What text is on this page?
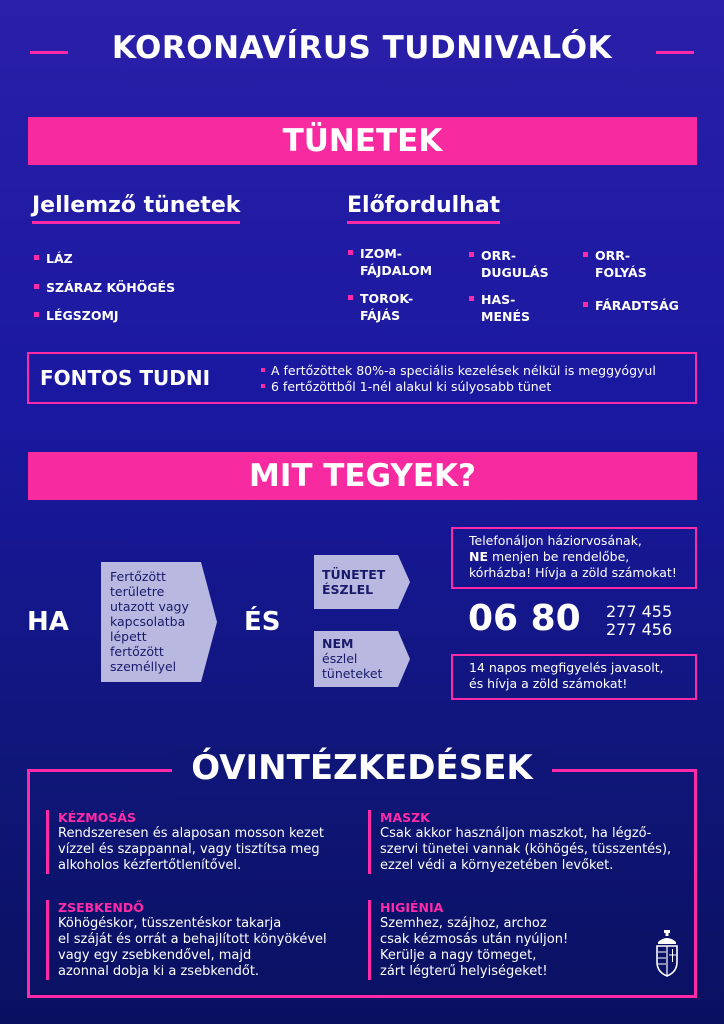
KORONAVÍRUS TUDNIVALÓK
TÜNETEK
Jellemző tünetek
LÁZ
SZÁRAZ KÖHÖGÉS
LÉGSZOMJ
Előfordulhat
IZOM-
FÁJDALOM
ORR-
DUGULÁS
ORR-
FOLYÁS
TOROK-
FÁJÁS
HAS-
MENÉS
FÁRADTSÁG
FONTOS TUDNI	A fertőzöttek 80%-a speciális kezelések nélkül is meggyógyul
6 fertőzöttből 1-nél alakul ki súlyosabb tünet
MIT TEGYEK?
HA
Fertőzött
területre
utazott vagy
kapcsolatba
lépett
fertőzött
személlyel
ÉS
TÜNETET
ÉSZLEL
NEM
észlel
tüneteket
Telefonáljon háziorvosának,
NE menjen be rendelőbe,
kórházba! Hívja a zöld számokat!
06 80 277 455
277 456
14 napos megfigyelés javasolt,
és hívja a zöld számokat!
ÓVINTÉZKEDÉSEK
KÉZMOSÁS
Rendszeresen és alaposan mosson kezet
vízzel és szappannal, vagy tisztítsa meg
alkoholos kézfertőtlenítővel.
MASZK
Csak akkor használjon maszkot, ha légző-
szervi tünetei vannak (köhögés, tüsszentés),
ezzel védi a környezetében levőket.
ZSEBKENDŐ
Köhögéskor, tüsszentéskor takarja
el száját és orrát a behajlított könyökével
vagy egy zsebkendővel, majd
azonnal dobja ki a zsebkendőt.
HIGIÉNIA
Szemhez, szájhoz, archoz
csak kézmosás után nyúljon!
Kerülje a nagy tömeget,
zárt légterű helyiségeket!
